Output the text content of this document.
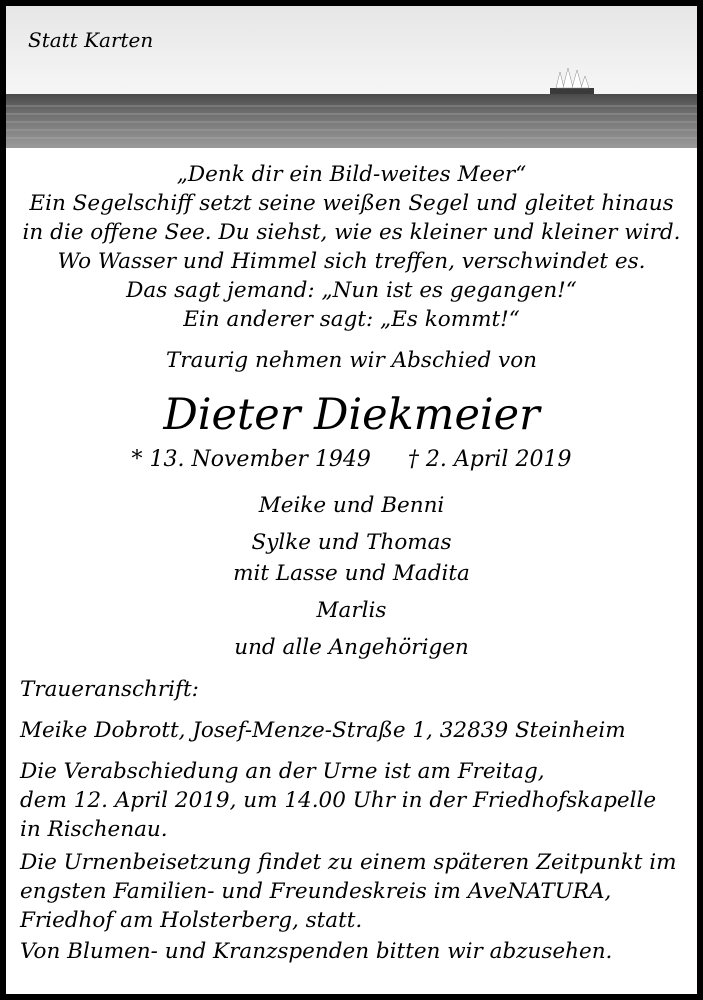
Statt Karten
„Denk dir ein Bild-weites Meer“
Ein Segelschiff setzt seine weißen Segel und gleitet hinaus
in die offene See. Du siehst, wie es kleiner und kleiner wird.
Wo Wasser und Himmel sich treffen, verschwindet es.
Das sagt jemand: „Nun ist es gegangen!“
Ein anderer sagt: „Es kommt!“
Traurig nehmen wir Abschied von
Dieter Diekmeier
* 13. November 1949 † 2. April 2019
Meike und Benni
Sylke und Thomas
mit Lasse und Madita
Marlis
und alle Angehörigen
Traueranschrift:
Meike Dobrott, Josef-Menze-Straße 1, 32839 Steinheim
Die Verabschiedung an der Urne ist am Freitag,
dem 12. April 2019, um 14.00 Uhr in der Friedhofskapelle
in Rischenau.
Die Urnenbeisetzung findet zu einem späteren Zeitpunkt im
engsten Familien- und Freundeskreis im AveNATURA,
Friedhof am Holsterberg, statt.
Von Blumen- und Kranzspenden bitten wir abzusehen.
